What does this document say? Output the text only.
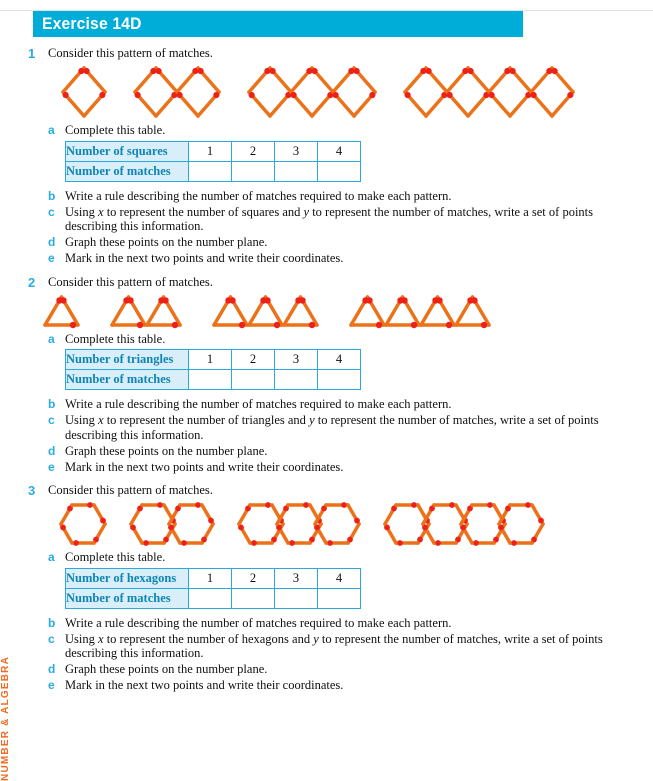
Exercise 14D
1	Consider this pattern of matches.
a Complete this table.
Number of squares	1	2	3	4
Number of matches				
b Write a rule describing the number of matches required to make each pattern.
c Using x to represent the number of squares and y to represent the number of matches, write a set of points describing this information.
d Graph these points on the number plane.
e Mark in the next two points and write their coordinates.
2	Consider this pattern of matches.
a Complete this table.
Number of triangles	1	2	3	4
Number of matches				
b Write a rule describing the number of matches required to make each pattern.
c Using x to represent the number of triangles and y to represent the number of matches, write a set of points describing this information.
d Graph these points on the number plane.
e Mark in the next two points and write their coordinates.
3	Consider this pattern of matches.
a Complete this table.
Number of hexagons	1	2	3	4
Number of matches				
b Write a rule describing the number of matches required to make each pattern.
c Using x to represent the number of hexagons and y to represent the number of matches, write a set of points describing this information.
d Graph these points on the number plane.
e Mark in the next two points and write their coordinates.
NUMBER & ALGEBRA
